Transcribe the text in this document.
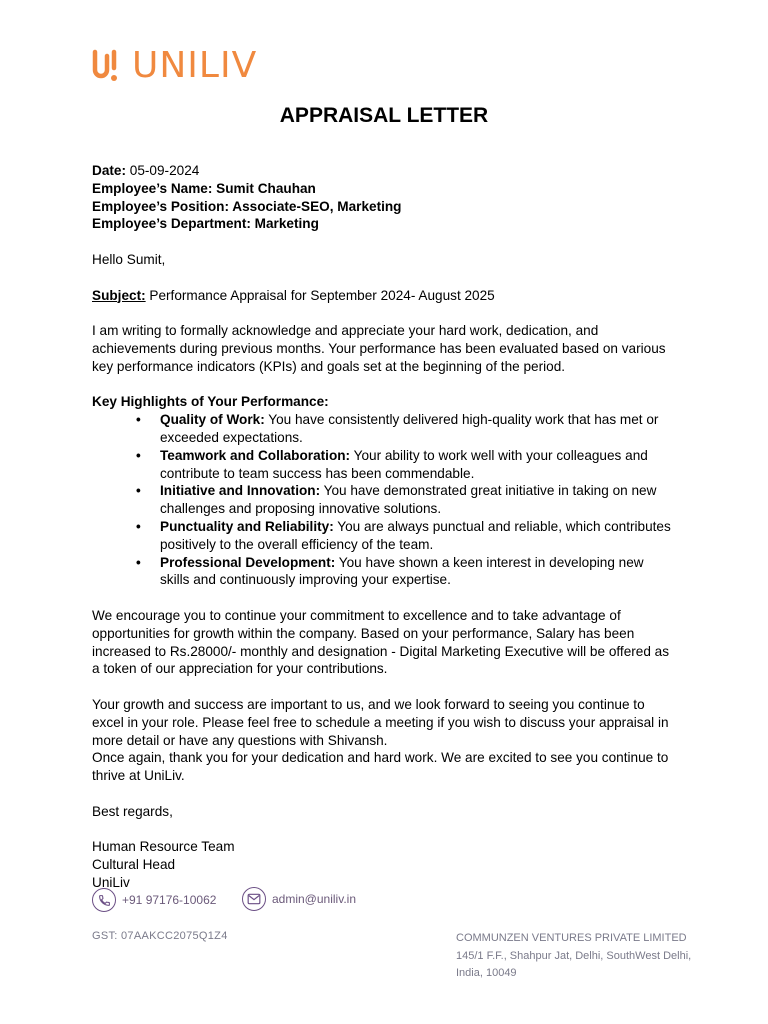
UNILIV
APPRAISAL LETTER

Date: 05-09-2024

Employee’s Name: Sumit Chauhan

Employee’s Position: Associate-SEO, Marketing

Employee’s Department: Marketing

Hello Sumit,

Subject: Performance Appraisal for September 2024- August 2025

I am writing to formally acknowledge and appreciate your hard work, dedication, and achievements during previous months. Your performance has been evaluated based on various key performance indicators (KPIs) and goals set at the beginning of the period.

Key Highlights of Your Performance:

• Quality of Work: You have consistently delivered high-quality work that has met or exceeded expectations.
• Teamwork and Collaboration: Your ability to work well with your colleagues and contribute to team success has been commendable.
• Initiative and Innovation: You have demonstrated great initiative in taking on new challenges and proposing innovative solutions.
• Punctuality and Reliability: You are always punctual and reliable, which contributes positively to the overall efficiency of the team.
• Professional Development: You have shown a keen interest in developing new skills and continuously improving your expertise.

We encourage you to continue your commitment to excellence and to take advantage of opportunities for growth within the company. Based on your performance, Salary has been increased to Rs.28000/- monthly and designation - Digital Marketing Executive will be offered as a token of our appreciation for your contributions.

Your growth and success are important to us, and we look forward to seeing you continue to excel in your role. Please feel free to schedule a meeting if you wish to discuss your appraisal in more detail or have any questions with Shivansh.

Once again, thank you for your dedication and hard work. We are excited to see you continue to thrive at UniLiv.

Best regards,

Human Resource Team

Cultural Head

UniLiv

+91 97176-10062	admin@uniliv.in
GST: 07AAKCC2075Q1Z4	COMMUNZEN VENTURES PRIVATE LIMITED
145/1 F.F., Shahpur Jat, Delhi, SouthWest Delhi,
India, 10049
